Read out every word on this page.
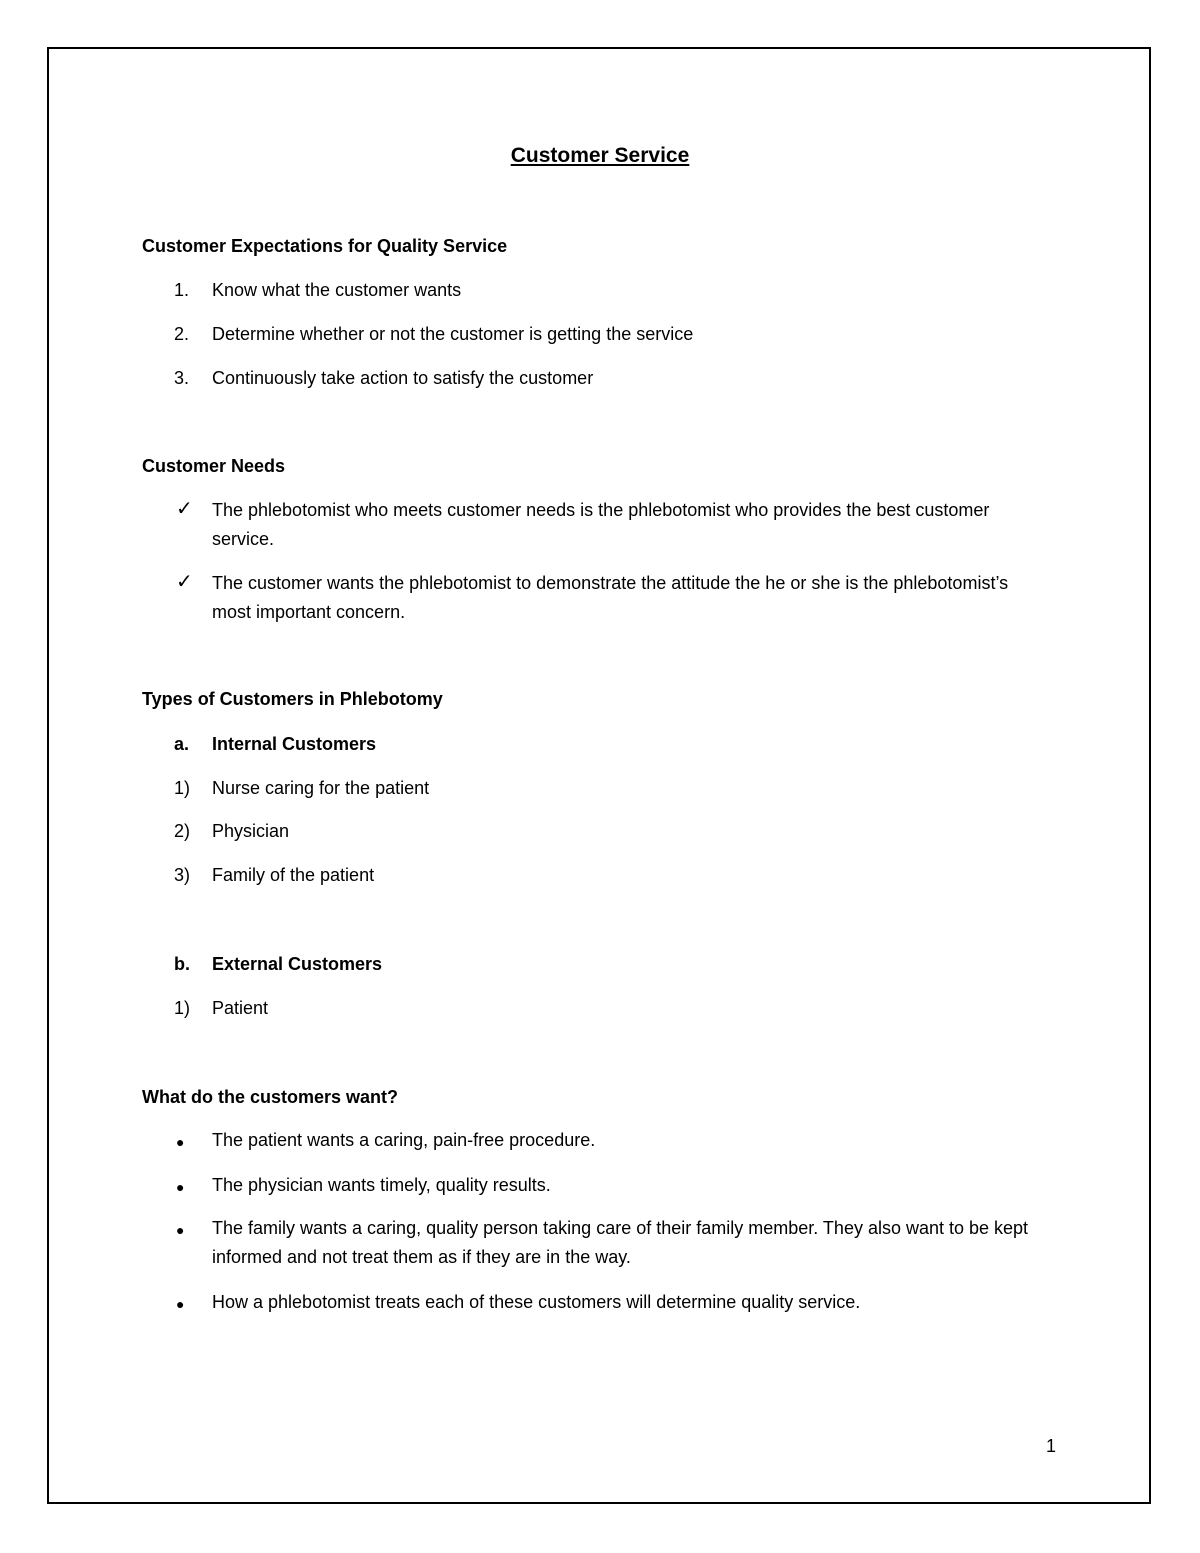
Customer Service
Customer Expectations for Quality Service
1. Know what the customer wants
2. Determine whether or not the customer is getting the service
3. Continuously take action to satisfy the customer
Customer Needs
✓ The phlebotomist who meets customer needs is the phlebotomist who provides the best customer service.
✓ The customer wants the phlebotomist to demonstrate the attitude the he or she is the phlebotomist’s most important concern.
Types of Customers in Phlebotomy
a. Internal Customers
1) Nurse caring for the patient
2) Physician
3) Family of the patient
b. External Customers
1) Patient
What do the customers want?
● The patient wants a caring, pain-free procedure.
● The physician wants timely, quality results.
● The family wants a caring, quality person taking care of their family member. They also want to be kept informed and not treat them as if they are in the way.
● How a phlebotomist treats each of these customers will determine quality service.
1
